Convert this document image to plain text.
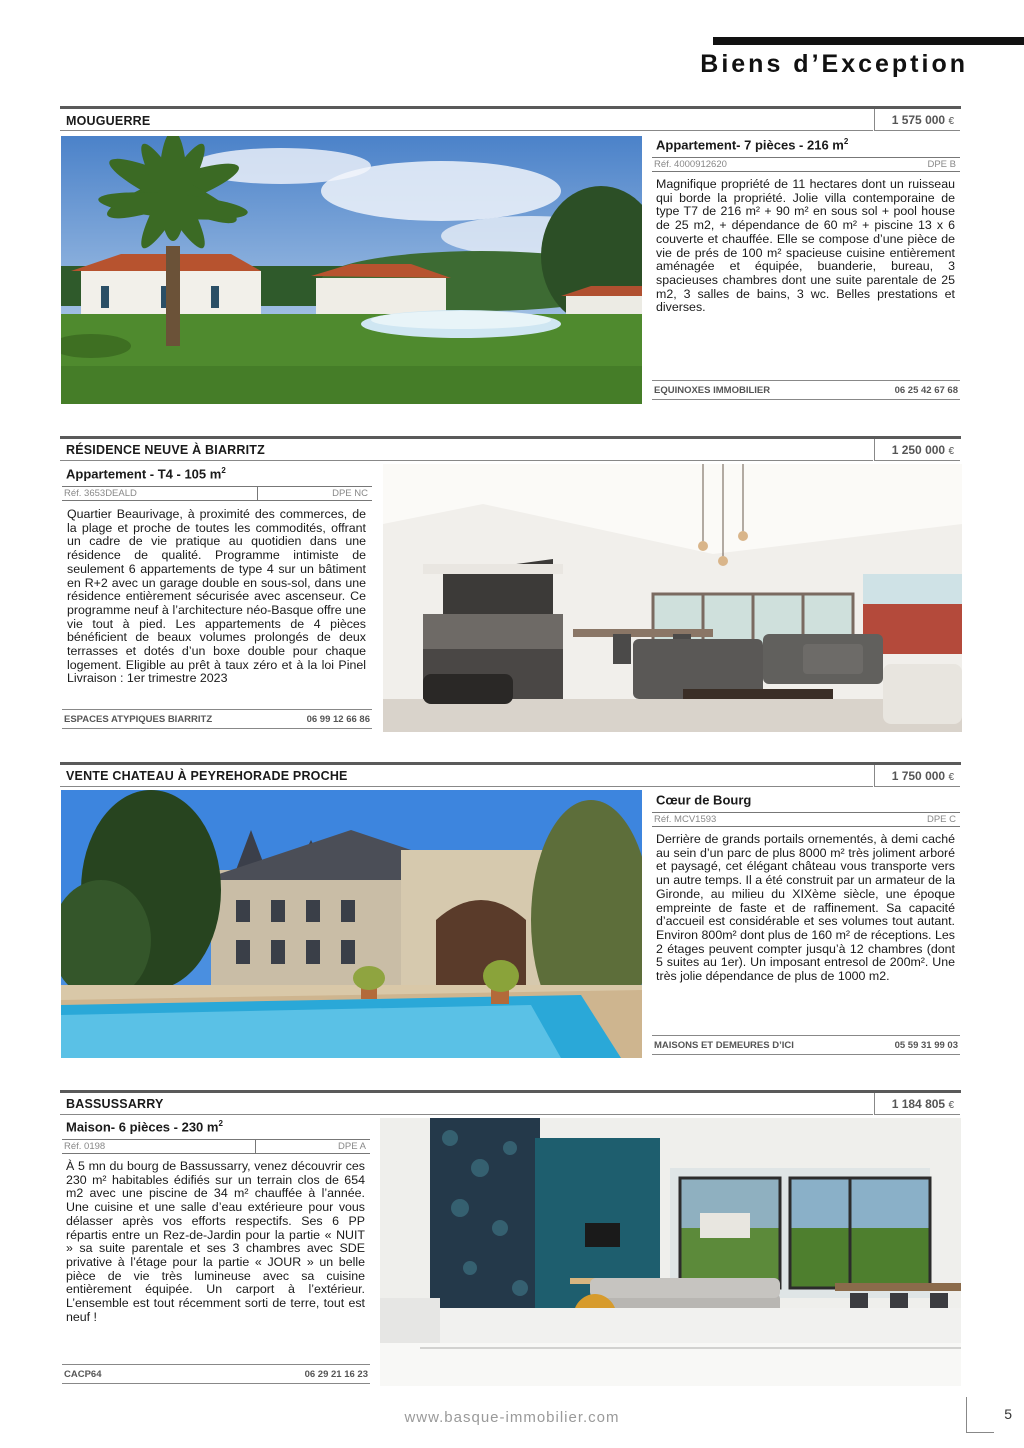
Biens d’Exception
MOUGUERRE	1 575 000 €
Appartement- 7 pièces - 216 $m^2$
Réf. 4000912620	DPE B
Magnifique propriété de 11 hectares dont un ruisseau qui borde la propriété. Jolie villa contemporaine de type T7 de 216 m² + 90 m² en sous sol + pool house de 25 m2, + dépendance de 60 m² + piscine 13 x 6 couverte et chauffée. Elle se compose d’une pièce de vie de prés de 100 m² spacieuse cuisine entièrement aménagée et équipée, buanderie, bureau, 3 spacieuses chambres dont une suite parentale de 25 m2, 3 salles de bains, 3 wc. Belles prestations et diverses.
EQUINOXES IMMOBILIER	06 25 42 67 68
RÉSIDENCE NEUVE À BIARRITZ	1 250 000 €
Appartement - T4 - 105 $m^2$
Réf. 3653DEALD	DPE NC
Quartier Beaurivage, à proximité des commerces, de la plage et proche de toutes les commodités, offrant un cadre de vie pratique au quotidien dans une résidence de qualité. Programme intimiste de seulement 6 appartements de type 4 sur un bâtiment en R+2 avec un garage double en sous-sol, dans une résidence entièrement sécurisée avec ascenseur. Ce programme neuf à l’architecture néo-Basque offre une vie tout à pied. Les appartements de 4 pièces bénéficient de beaux volumes prolongés de deux terrasses et dotés d’un boxe double pour chaque logement. Eligible au prêt à taux zéro et à la loi Pinel Livraison : 1er trimestre 2023
ESPACES ATYPIQUES BIARRITZ	06 99 12 66 86
VENTE CHATEAU À PEYREHORADE PROCHE	1 750 000 €
Cœur de Bourg
Réf. MCV1593	DPE C
Derrière de grands portails ornementés, à demi caché au sein d’un parc de plus 8000 m² très joliment arboré et paysagé, cet élégant château vous transporte vers un autre temps. Il a été construit par un armateur de la Gironde, au milieu du XIXème siècle, une époque empreinte de faste et de raffinement. Sa capacité d’accueil est considérable et ses volumes tout autant. Environ 800m² dont plus de 160 m² de réceptions. Les 2 étages peuvent compter jusqu’à 12 chambres (dont 5 suites au 1er). Un imposant entresol de 200m². Une très jolie dépendance de plus de 1000 m2.
MAISONS ET DEMEURES D’ICI	05 59 31 99 03
BASSUSSARRY	1 184 805 €
Maison- 6 pièces - 230 $m^2$
Réf. 0198	DPE A
À 5 mn du bourg de Bassussarry, venez découvrir ces 230 m² habitables édifiés sur un terrain clos de 654 m2 avec une piscine de 34 m² chauffée à l’année. Une cuisine et une salle d’eau extérieure pour vous délasser après vos efforts respectifs. Ses 6 PP répartis entre un Rez-de-Jardin pour la partie « NUIT » sa suite parentale et ses 3 chambres avec SDE privative à l’étage pour la partie « JOUR » un belle pièce de vie très lumineuse avec sa cuisine entièrement équipée. Un carport à l’extérieur. L’ensemble est tout récemment sorti de terre, tout est neuf !
CACP64	06 29 21 16 23
www.basque-immobilier.com	5
